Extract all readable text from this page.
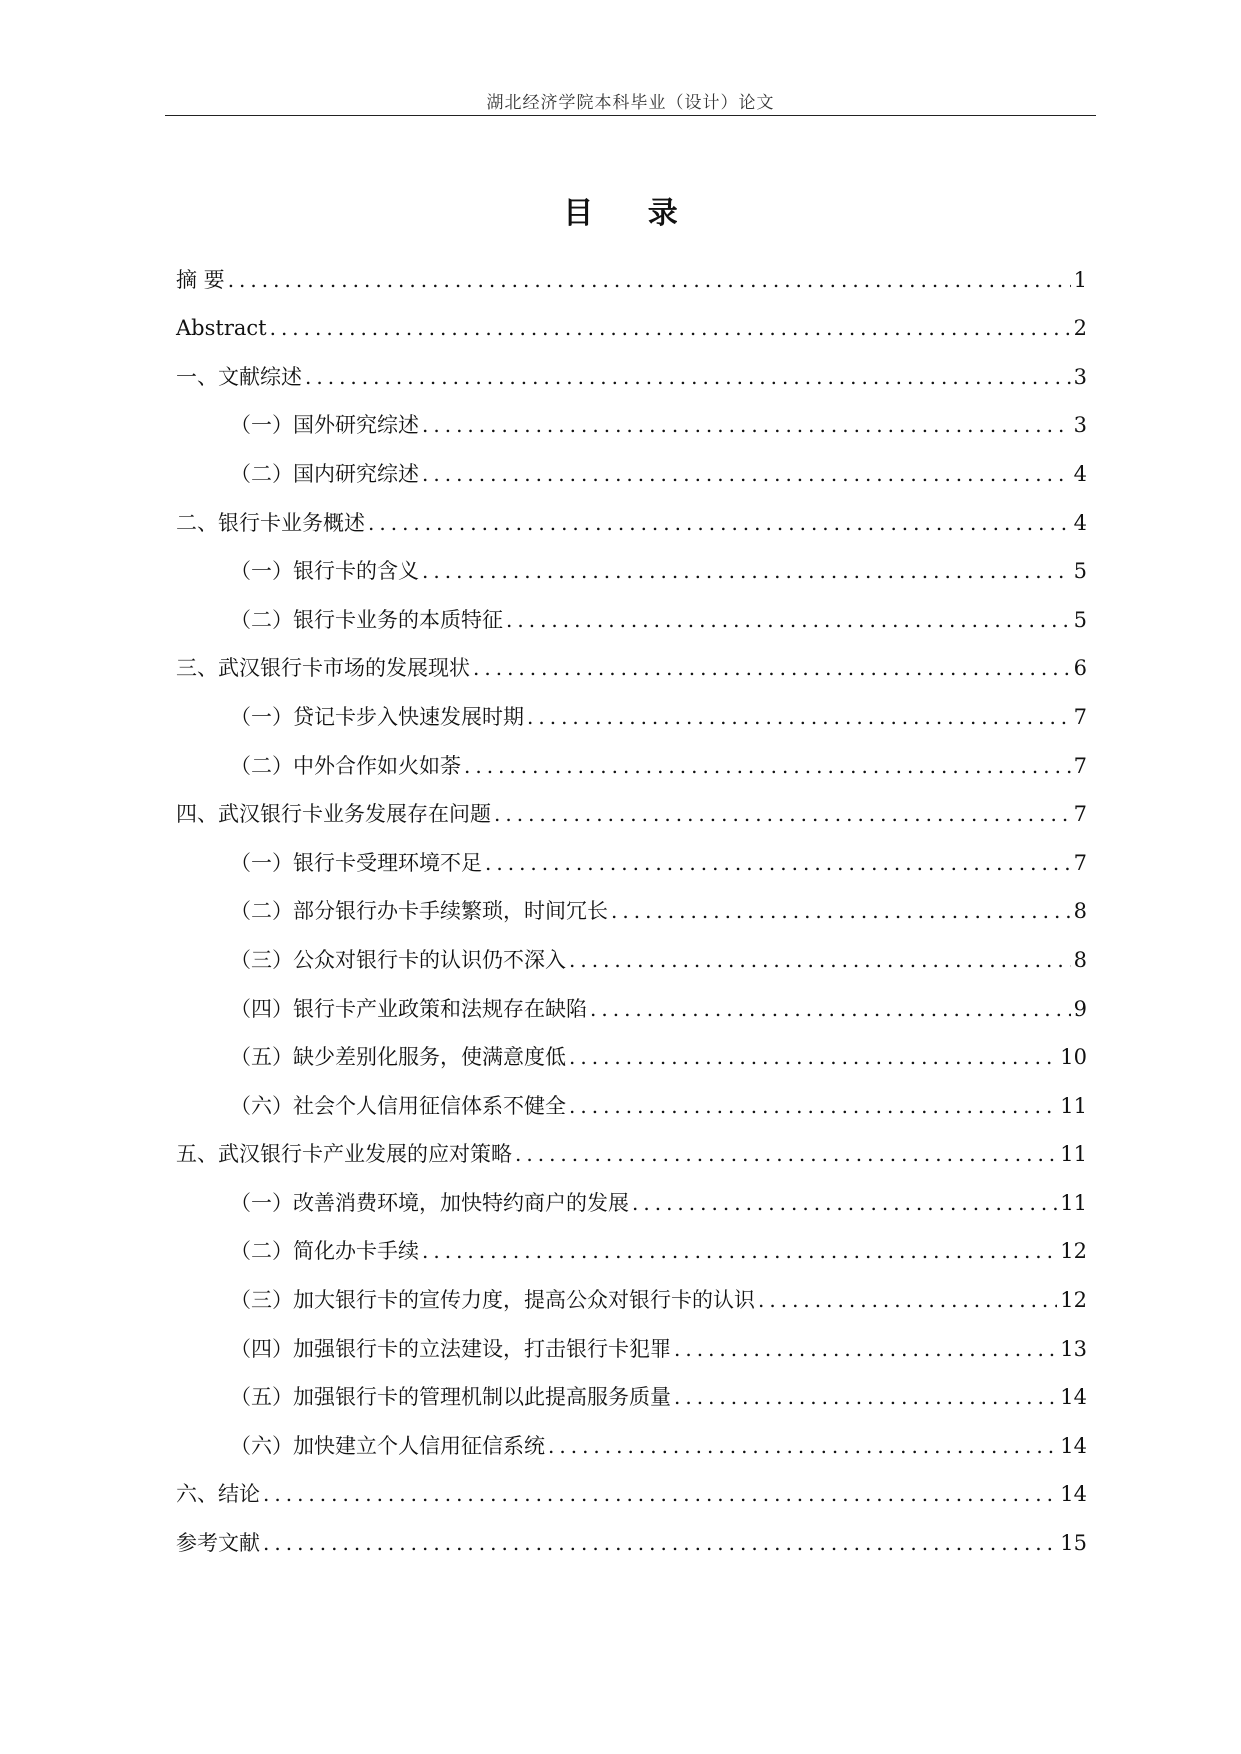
湖北经济学院本科毕业（设计）论文
目 录
摘 要 .....	1
Abstract .....	2
一、文献综述 .....	3
（一）国外研究综述 .....	3
（二）国内研究综述 .....	4
二、银行卡业务概述 .....	4
（一）银行卡的含义 .....	5
（二）银行卡业务的本质特征 .....	5
三、武汉银行卡市场的发展现状 .....	6
（一）贷记卡步入快速发展时期 .....	7
（二）中外合作如火如荼 .....	7
四、武汉银行卡业务发展存在问题 .....	7
（一）银行卡受理环境不足 .....	7
（二）部分银行办卡手续繁琐，时间冗长 .....	8
（三）公众对银行卡的认识仍不深入 .....	8
（四）银行卡产业政策和法规存在缺陷 .....	9
（五）缺少差别化服务，使满意度低 .....	10
（六）社会个人信用征信体系不健全 .....	11
五、武汉银行卡产业发展的应对策略 .....	11
（一）改善消费环境，加快特约商户的发展 .....	11
（二）简化办卡手续 .....	12
（三）加大银行卡的宣传力度，提高公众对银行卡的认识 .....	12
（四）加强银行卡的立法建设，打击银行卡犯罪 .....	13
（五）加强银行卡的管理机制以此提高服务质量 .....	14
（六）加快建立个人信用征信系统 .....	14
六、结论 .....	14
参考文献 .....	15
